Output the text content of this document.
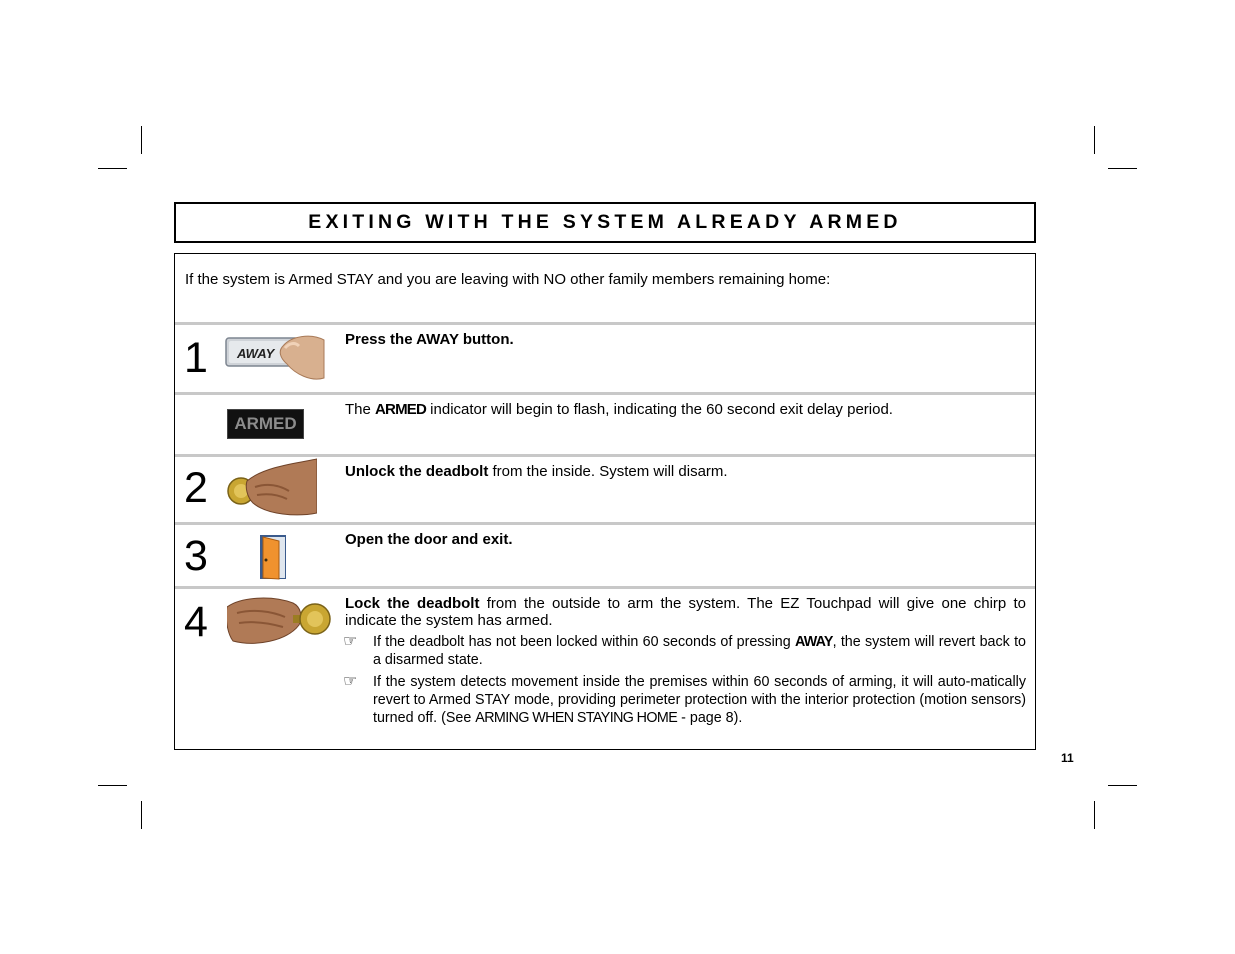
EXITING WITH THE SYSTEM ALREADY ARMED
If the system is Armed STAY and you are leaving with NO other family members remaining home:
1 AWAY
Press the AWAY button.
ARMED
The ARMED indicator will begin to flash, indicating the 60 second exit delay period.
2	Unlock the deadbolt from the inside. System will disarm.
3	Open the door and exit.
4	Lock the deadbolt from the outside to arm the system. The EZ Touchpad will give one chirp to indicate the system has armed.
☞ If the deadbolt has not been locked within 60 seconds of pressing AWAY, the system will revert back to a disarmed state.
☞ If the system detects movement inside the premises within 60 seconds of arming, it will auto-matically revert to Armed STAY mode, providing perimeter protection with the interior protection (motion sensors) turned off. (See ARMING WHEN STAYING HOME - page 8).
11
